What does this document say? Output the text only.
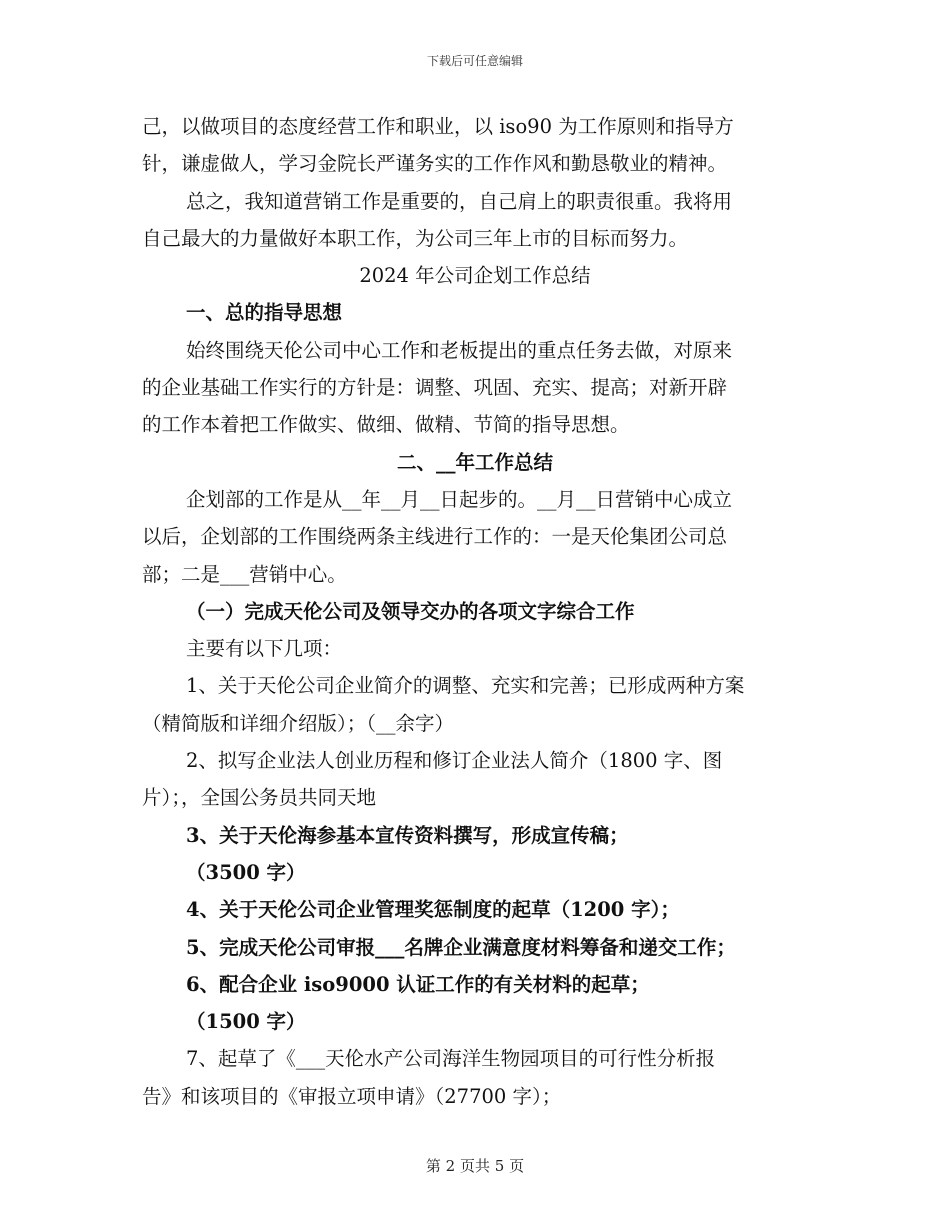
下载后可任意编辑
己，以做项目的态度经营工作和职业，以 iso90 为工作原则和指导方
针，谦虚做人，学习金院长严谨务实的工作作风和勤恳敬业的精神。
总之，我知道营销工作是重要的，自己肩上的职责很重。我将用
自己最大的力量做好本职工作，为公司三年上市的目标而努力。
2024 年公司企划工作总结
一、总的指导思想
始终围绕天伦公司中心工作和老板提出的重点任务去做，对原来
的企业基础工作实行的方针是：调整、巩固、充实、提高；对新开辟
的工作本着把工作做实、做细、做精、节简的指导思想。
二、__年工作总结
企划部的工作是从__年__月__日起步的。__月__日营销中心成立
以后，企划部的工作围绕两条主线进行工作的：一是天伦集团公司总
部；二是___营销中心。
（一）完成天伦公司及领导交办的各项文字综合工作
主要有以下几项：
1、关于天伦公司企业简介的调整、充实和完善；已形成两种方案
（精简版和详细介绍版）；（__余字）
2、拟写企业法人创业历程和修订企业法人简介（1800 字、图
片）；，全国公务员共同天地
3、关于天伦海参基本宣传资料撰写，形成宣传稿；
（3500 字）
4、关于天伦公司企业管理奖惩制度的起草（1200 字）；
5、完成天伦公司审报___名牌企业满意度材料筹备和递交工作；
6、配合企业 iso9000 认证工作的有关材料的起草；
（1500 字）
7、起草了《___天伦水产公司海洋生物园项目的可行性分析报
告》和该项目的《审报立项申请》（27700 字）；
第 2 页共 5 页
